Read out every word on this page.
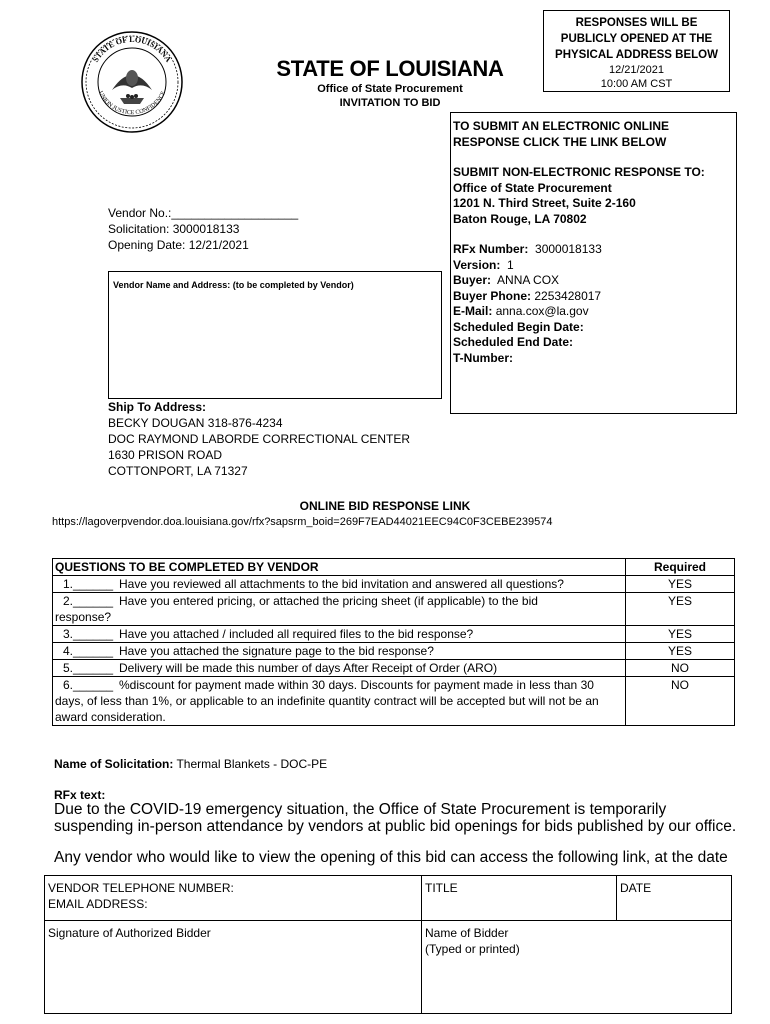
STATE OF LOUISIANA
UNION JUSTICE CONFIDENCE
STATE OF LOUISIANA
Office of State Procurement
INVITATION TO BID
RESPONSES WILL BE
PUBLICLY OPENED AT THE
PHYSICAL ADDRESS BELOW
12/21/2021
10:00 AM CST

TO SUBMIT AN ELECTRONIC ONLINE

RESPONSE CLICK THE LINK BELOW

SUBMIT NON-ELECTRONIC RESPONSE TO:

Office of State Procurement

1201 N. Third Street, Suite 2-160

Baton Rouge, LA 70802

RFx Number: 3000018133

Version: 1

Buyer: ANNA COX

Buyer Phone: 2253428017

E-Mail: anna.cox@la.gov

Scheduled Begin Date:

Scheduled End Date:

T-Number:

Vendor No.:___________________
Solicitation: 3000018133
Opening Date: 12/21/2021
Vendor Name and Address: (to be completed by Vendor)
Ship To Address:
BECKY DOUGAN 318-876-4234
DOC RAYMOND LABORDE CORRECTIONAL CENTER
1630 PRISON ROAD
COTTONPORT, LA 71327
ONLINE BID RESPONSE LINK
https://lagoverpvendor.doa.louisiana.gov/rfx?sapsrm_boid=269F7EAD44021EEC94C0F3CEBE239574
QUESTIONS TO BE COMPLETED BY VENDOR	Required
1.______ Have you reviewed all attachments to the bid invitation and answered all questions?	YES
2.______ Have you entered pricing, or attached the pricing sheet (if applicable) to the bid
response?	YES
3.______ Have you attached / included all required files to the bid response?	YES
4.______ Have you attached the signature page to the bid response?	YES
5.______ Delivery will be made this number of days After Receipt of Order (ARO)	NO
6.______ %discount for payment made within 30 days. Discounts for payment made in less than 30 days, of less than 1%, or applicable to an indefinite quantity contract will be accepted but will not be an award consideration.	NO
Name of Solicitation: Thermal Blankets - DOC-PE
RFx text:
Due to the COVID-19 emergency situation, the Office of State Procurement is temporarily suspending in-person attendance by vendors at public bid openings for bids published by our office.
Any vendor who would like to view the opening of this bid can access the following link, at the date
VENDOR TELEPHONE NUMBER:
EMAIL ADDRESS:	TITLE	DATE

Signature of Authorized Bidder	Name of Bidder
(Typed or printed)	
